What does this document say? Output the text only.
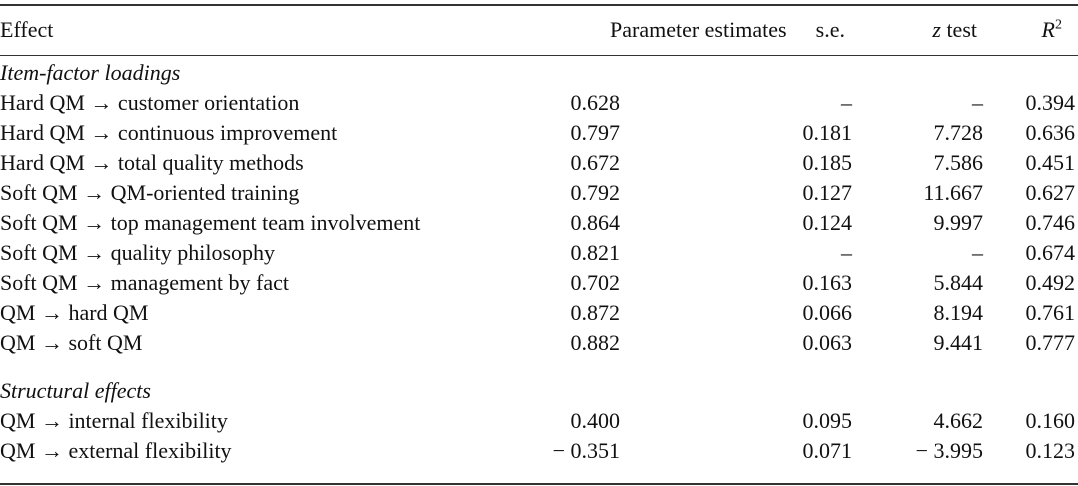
Effect	Parameter estimates	s.e.	z test	$R^2$

Item-factor loadings				
Hard QM → customer orientation	0.628	–	–	0.394
Hard QM → continuous improvement	0.797	0.181	7.728	0.636
Hard QM → total quality methods	0.672	0.185	7.586	0.451
Soft QM → QM-oriented training	0.792	0.127	11.667	0.627
Soft QM → top management team involvement	0.864	0.124	9.997	0.746
Soft QM → quality philosophy	0.821	–	–	0.674
Soft QM → management by fact	0.702	0.163	5.844	0.492
QM → hard QM	0.872	0.066	8.194	0.761
QM → soft QM	0.882	0.063	9.441	0.777

Structural effects				
QM → internal flexibility	0.400	0.095	4.662	0.160
QM → external flexibility	− 0.351	0.071	− 3.995	0.123
